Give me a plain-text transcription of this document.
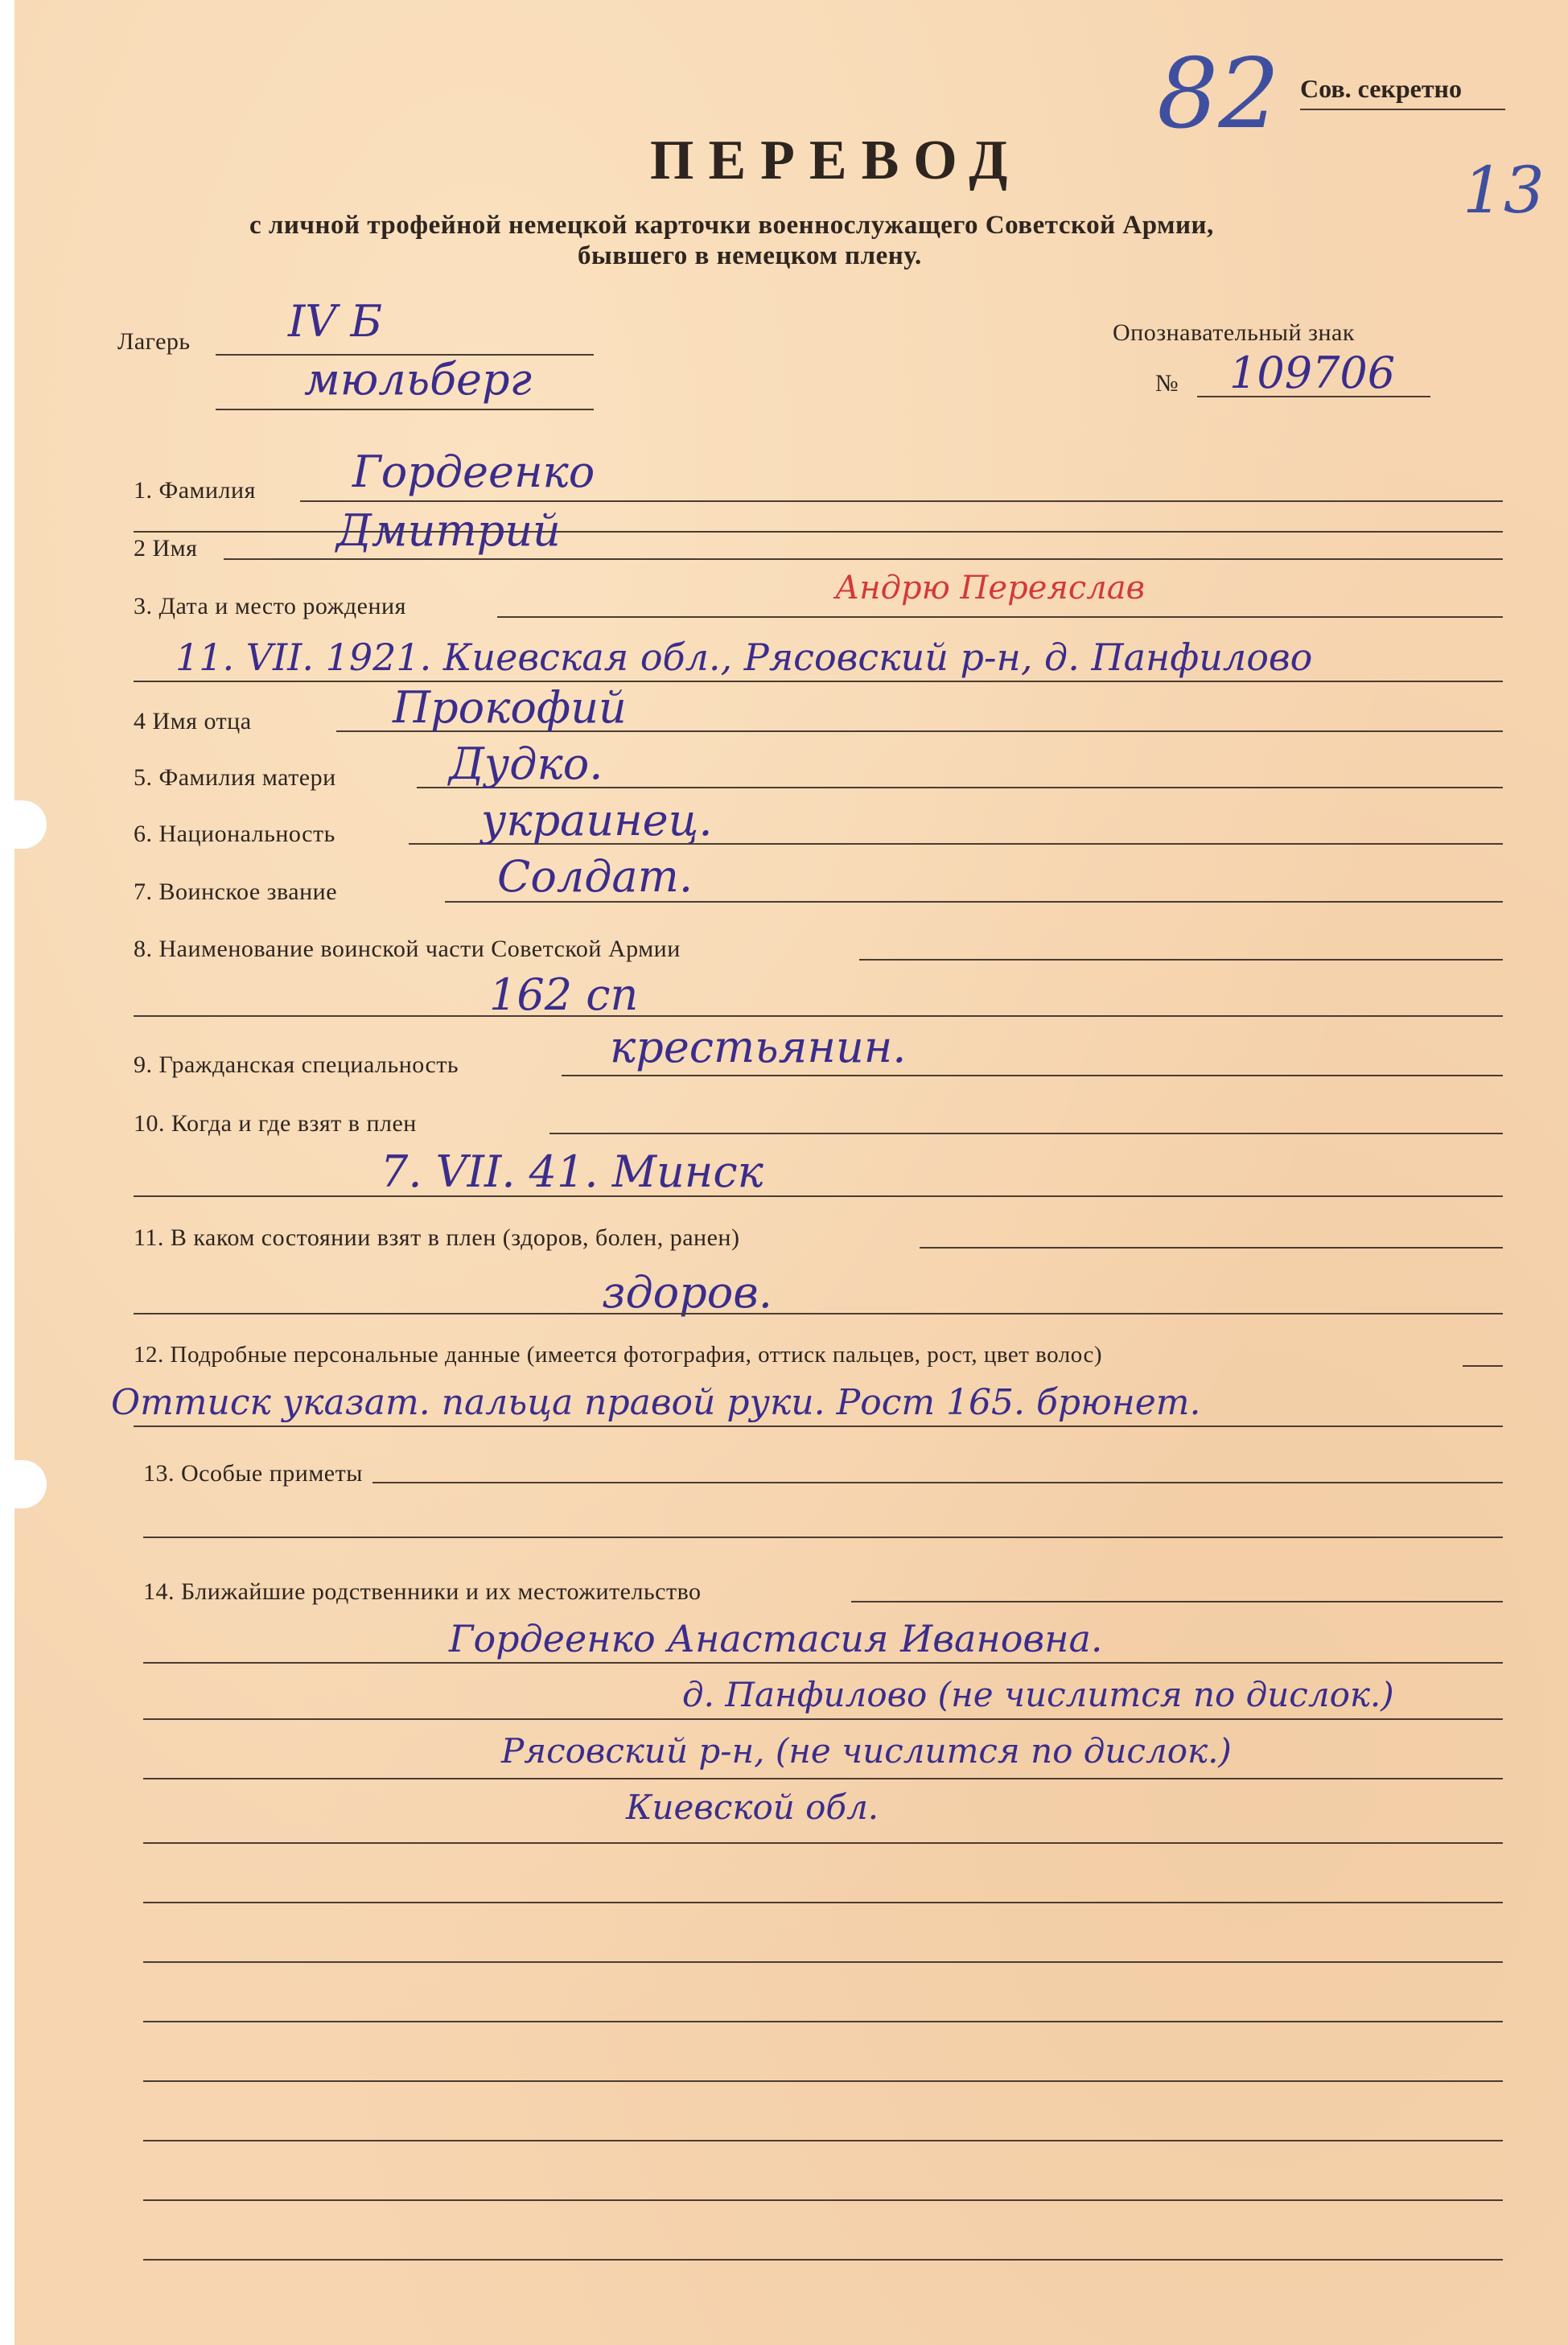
Сов. секретно
82
13
ПЕРЕВОД
с личной трофейной немецкой карточки военнослужащего Советской Армии,
бывшего в немецком плену.
Лагерь IV Б
мюльберг
Опознавательный знак
№ 109706
1. Фамилия Гордеенко
2 Имя	Дмитрий
3. Дата и место рождения	Андрю Переяслав
11. VII. 1921. Киевская обл., Рясовский р-н, д. Панфилово
4 Имя отца	Прокофий
5. Фамилия матери	Дудко.
6. Национальность	украинец.
7. Воинское звание	Солдат.
8. Наименование воинской части Советской Армии
162 сп
9. Гражданская специальность	крестьянин.
10. Когда и где взят в плен
7. VII. 41. Минск
11. В каком состоянии взят в плен (здоров, болен, ранен)
здоров.
12. Подробные персональные данные (имеется фотография, оттиск пальцев, рост, цвет волос)
Оттиск указат. пальца правой руки. Рост 165. брюнет.
13. Особые приметы
14. Ближайшие родственники и их местожительство
Гордеенко Анастасия Ивановна.
д. Панфилово (не числится по дислок.)
Рясовский р-н, (не числится по дислок.)
Киевской обл.
